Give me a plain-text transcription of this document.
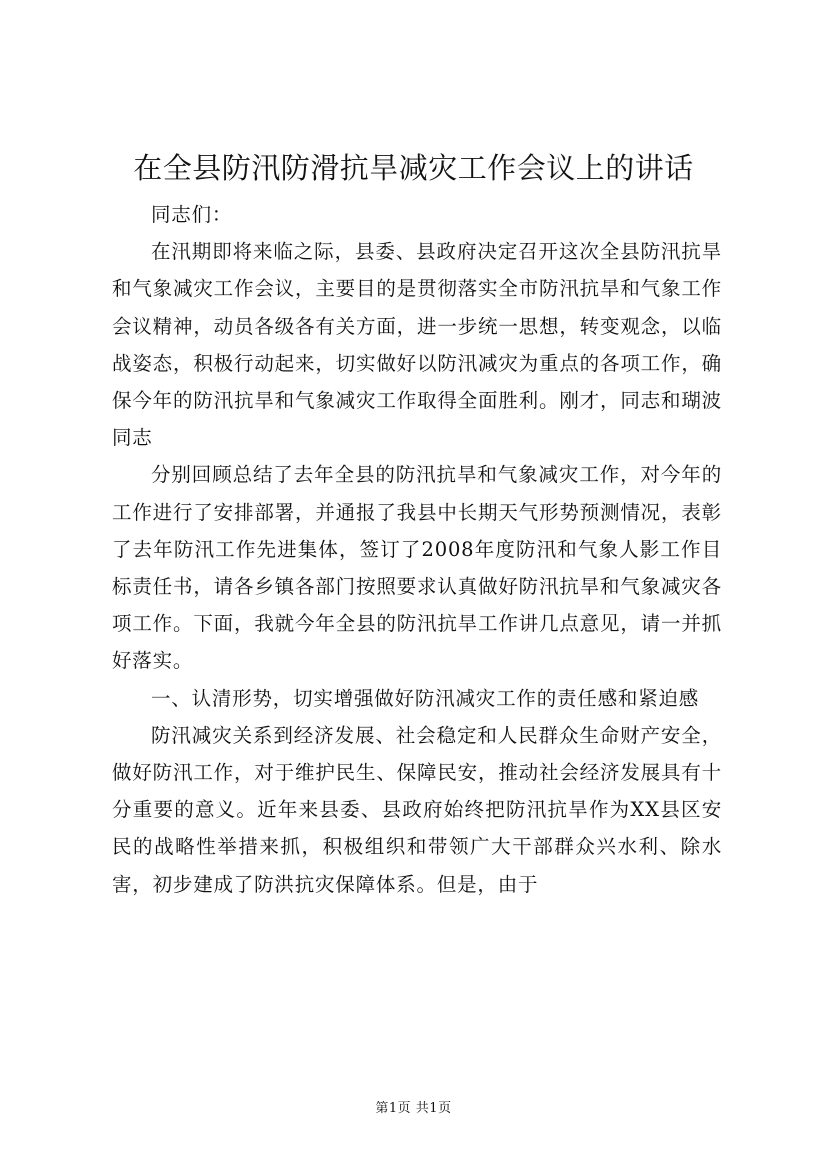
在全县防汛防滑抗旱减灾工作会议上的讲话

同志们：

在汛期即将来临之际，县委、县政府决定召开这次全县防汛抗旱和气象减灾工作会议，主要目的是贯彻落实全市防汛抗旱和气象工作会议精神，动员各级各有关方面，进一步统一思想，转变观念，以临战姿态，积极行动起来，切实做好以防汛减灾为重点的各项工作，确保今年的防汛抗旱和气象减灾工作取得全面胜利。刚才，同志和瑚波同志

分别回顾总结了去年全县的防汛抗旱和气象减灾工作，对今年的工作进行了安排部署，并通报了我县中长期天气形势预测情况，表彰了去年防汛工作先进集体，签订了2008年度防汛和气象人影工作目标责任书，请各乡镇各部门按照要求认真做好防汛抗旱和气象减灾各项工作。下面，我就今年全县的防汛抗旱工作讲几点意见，请一并抓好落实。

一、认清形势，切实增强做好防汛减灾工作的责任感和紧迫感

防汛减灾关系到经济发展、社会稳定和人民群众生命财产安全，做好防汛工作，对于维护民生、保障民安，推动社会经济发展具有十分重要的意义。近年来县委、县政府始终把防汛抗旱作为XX县区安民的战略性举措来抓，积极组织和带领广大干部群众兴水利、除水害，初步建成了防洪抗灾保障体系。但是，由于

第1页 共1页
